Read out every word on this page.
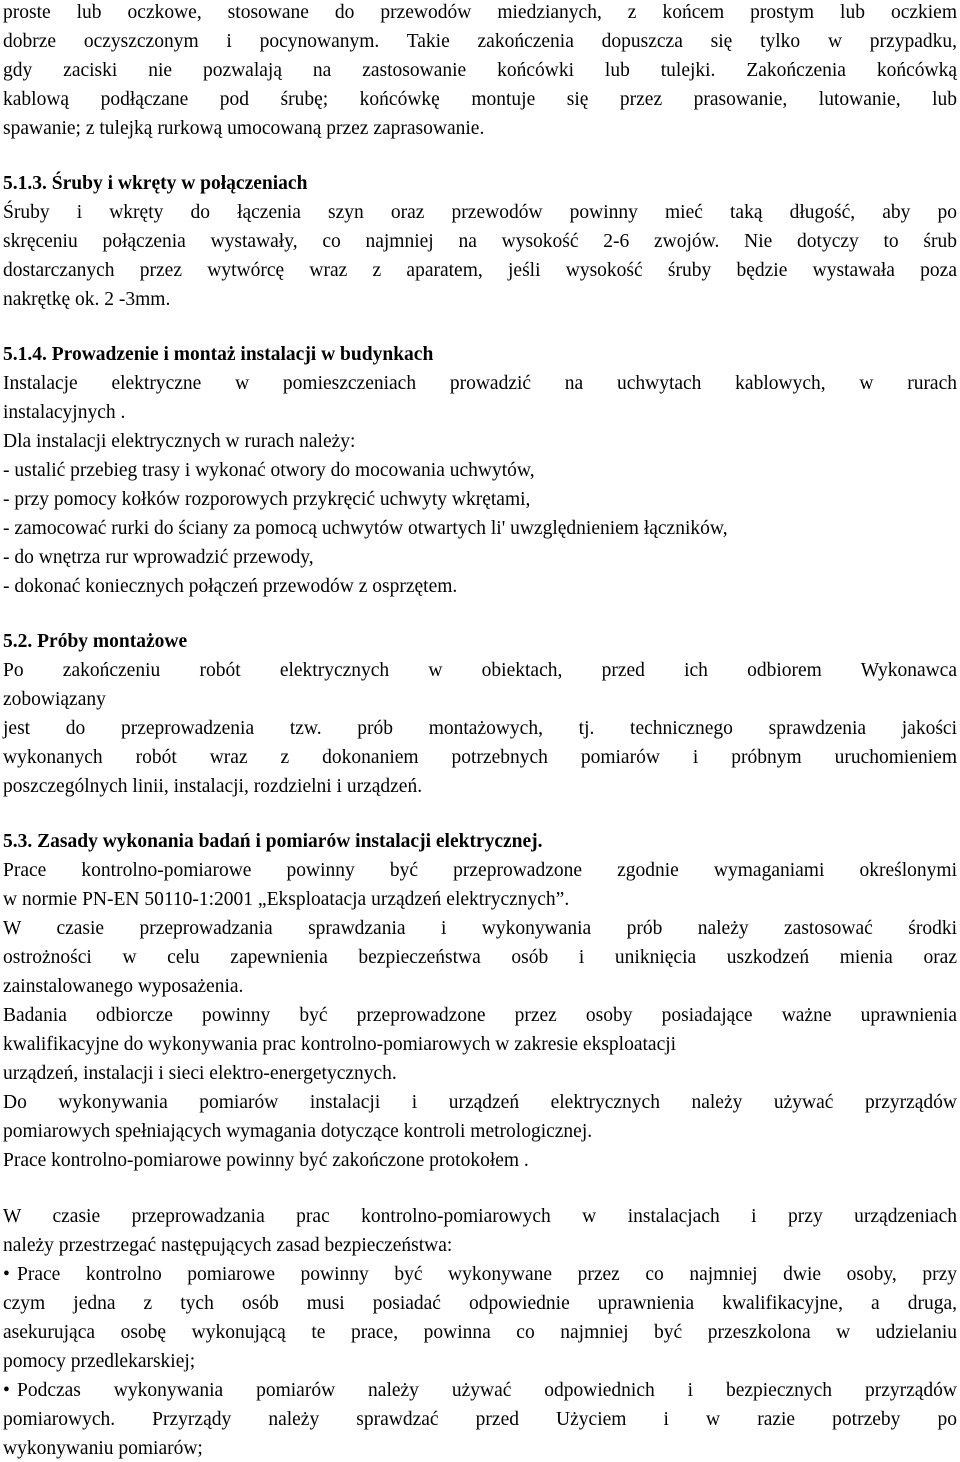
proste lub oczkowe, stosowane do przewodów miedzianych, z końcem prostym lub oczkiem
dobrze oczyszczonym i pocynowanym. Takie zakończenia dopuszcza się tylko w przypadku,
gdy zaciski nie pozwalają na zastosowanie końcówki lub tulejki. Zakończenia końcówką
kablową podłączane pod śrubę; końcówkę montuje się przez prasowanie, lutowanie, lub
spawanie; z tulejką rurkową umocowaną przez zaprasowanie.
5.1.3. Śruby i wkręty w połączeniach
Śruby i wkręty do łączenia szyn oraz przewodów powinny mieć taką długość, aby po
skręceniu połączenia wystawały, co najmniej na wysokość 2-6 zwojów. Nie dotyczy to śrub
dostarczanych przez wytwórcę wraz z aparatem, jeśli wysokość śruby będzie wystawała poza
nakrętkę ok. 2 -3mm.
5.1.4. Prowadzenie i montaż instalacji w budynkach
Instalacje elektryczne w pomieszczeniach prowadzić na uchwytach kablowych, w rurach
instalacyjnych .
Dla instalacji elektrycznych w rurach należy:
- ustalić przebieg trasy i wykonać otwory do mocowania uchwytów,
- przy pomocy kołków rozporowych przykręcić uchwyty wkrętami,
- zamocować rurki do ściany za pomocą uchwytów otwartych li' uwzględnieniem łączników,
- do wnętrza rur wprowadzić przewody,
- dokonać koniecznych połączeń przewodów z osprzętem.
5.2. Próby montażowe
Po zakończeniu robót elektrycznych w obiektach, przed ich odbiorem Wykonawca
zobowiązany
jest do przeprowadzenia tzw. prób montażowych, tj. technicznego sprawdzenia jakości
wykonanych robót wraz z dokonaniem potrzebnych pomiarów i próbnym uruchomieniem
poszczególnych linii, instalacji, rozdzielni i urządzeń.
5.3. Zasady wykonania badań i pomiarów instalacji elektrycznej.
Prace kontrolno-pomiarowe powinny być przeprowadzone zgodnie wymaganiami określonymi
w normie PN-EN 50110-1:2001 „Eksploatacja urządzeń elektrycznych”.
W czasie przeprowadzania sprawdzania i wykonywania prób należy zastosować środki
ostrożności w celu zapewnienia bezpieczeństwa osób i uniknięcia uszkodzeń mienia oraz
zainstalowanego wyposażenia.
Badania odbiorcze powinny być przeprowadzone przez osoby posiadające ważne uprawnienia
kwalifikacyjne do wykonywania prac kontrolno-pomiarowych w zakresie eksploatacji
urządzeń, instalacji i sieci elektro-energetycznych.
Do wykonywania pomiarów instalacji i urządzeń elektrycznych należy używać przyrządów
pomiarowych spełniających wymagania dotyczące kontroli metrologicznej.
Prace kontrolno-pomiarowe powinny być zakończone protokołem .
W czasie przeprowadzania prac kontrolno-pomiarowych w instalacjach i przy urządzeniach
należy przestrzegać następujących zasad bezpieczeństwa:
• Prace kontrolno pomiarowe powinny być wykonywane przez co najmniej dwie osoby, przy
czym jedna z tych osób musi posiadać odpowiednie uprawnienia kwalifikacyjne, a druga,
asekurująca osobę wykonującą te prace, powinna co najmniej być przeszkolona w udzielaniu
pomocy przedlekarskiej;
• Podczas wykonywania pomiarów należy używać odpowiednich i bezpiecznych przyrządów
pomiarowych. Przyrządy należy sprawdzać przed Użyciem i w razie potrzeby po
wykonywaniu pomiarów;
